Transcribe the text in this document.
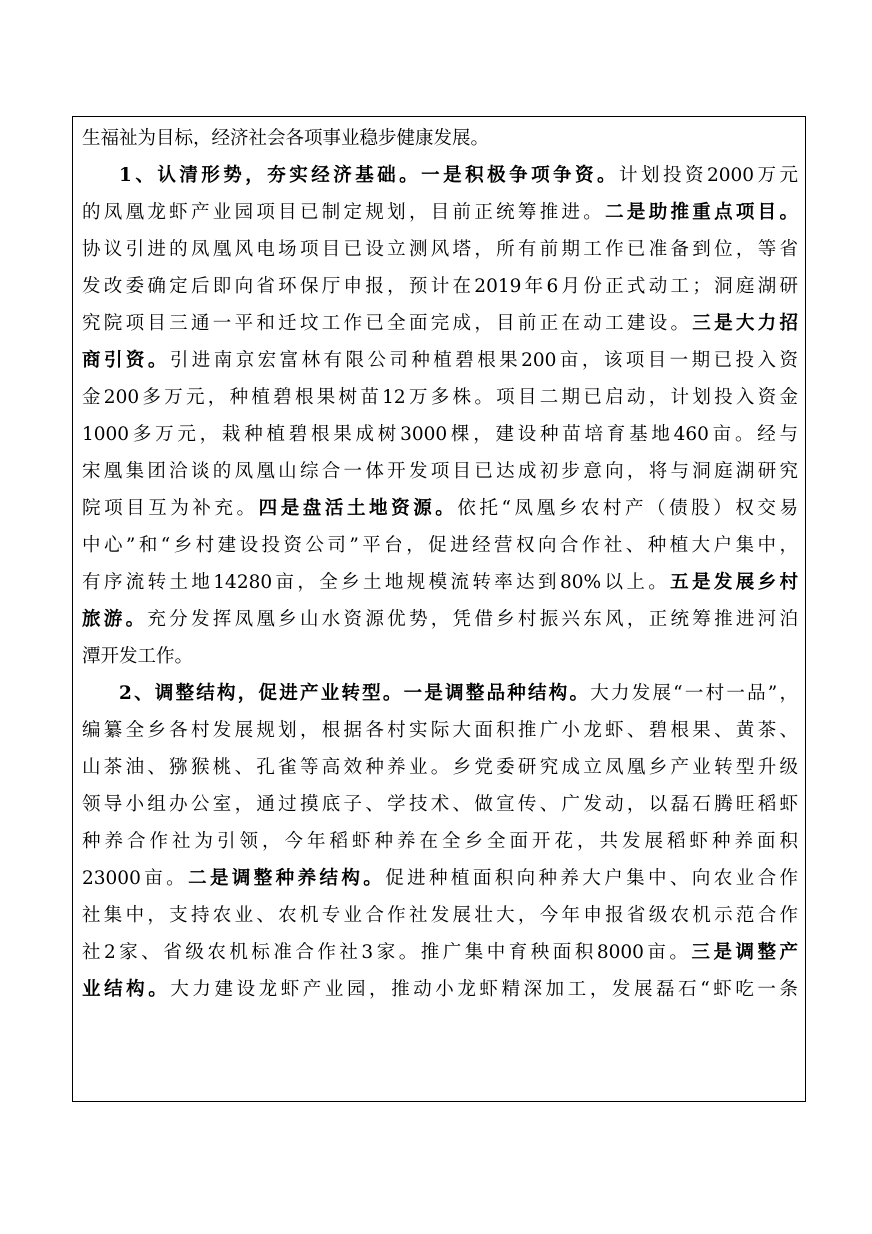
生福祉为目标，经济社会各项事业稳步健康发展。
1、认清形势，夯实经济基础。一是积极争项争资。计划投资2000万元
的凤凰龙虾产业园项目已制定规划，目前正统筹推进。二是助推重点项目。
协议引进的凤凰风电场项目已设立测风塔，所有前期工作已准备到位，等省
发改委确定后即向省环保厅申报，预计在2019年6月份正式动工；洞庭湖研
究院项目三通一平和迁坟工作已全面完成，目前正在动工建设。三是大力招
商引资。引进南京宏富林有限公司种植碧根果200亩，该项目一期已投入资
金200多万元，种植碧根果树苗12万多株。项目二期已启动，计划投入资金
1000多万元，栽种植碧根果成树3000棵，建设种苗培育基地460亩。经与
宋凰集团洽谈的凤凰山综合一体开发项目已达成初步意向，将与洞庭湖研究
院项目互为补充。四是盘活土地资源。依托“凤凰乡农村产（债股）权交易
中心”和“乡村建设投资公司”平台，促进经营权向合作社、种植大户集中，
有序流转土地14280亩，全乡土地规模流转率达到80%以上。五是发展乡村
旅游。充分发挥凤凰乡山水资源优势，凭借乡村振兴东风，正统筹推进河泊
潭开发工作。
2、调整结构，促进产业转型。一是调整品种结构。大力发展“一村一品”，
编纂全乡各村发展规划，根据各村实际大面积推广小龙虾、碧根果、黄茶、
山茶油、猕猴桃、孔雀等高效种养业。乡党委研究成立凤凰乡产业转型升级
领导小组办公室，通过摸底子、学技术、做宣传、广发动，以磊石腾旺稻虾
种养合作社为引领，今年稻虾种养在全乡全面开花，共发展稻虾种养面积
23000亩。二是调整种养结构。促进种植面积向种养大户集中、向农业合作
社集中，支持农业、农机专业合作社发展壮大，今年申报省级农机示范合作
社2家、省级农机标准合作社3家。推广集中育秧面积8000亩。三是调整产
业结构。大力建设龙虾产业园，推动小龙虾精深加工，发展磊石“虾吃一条
